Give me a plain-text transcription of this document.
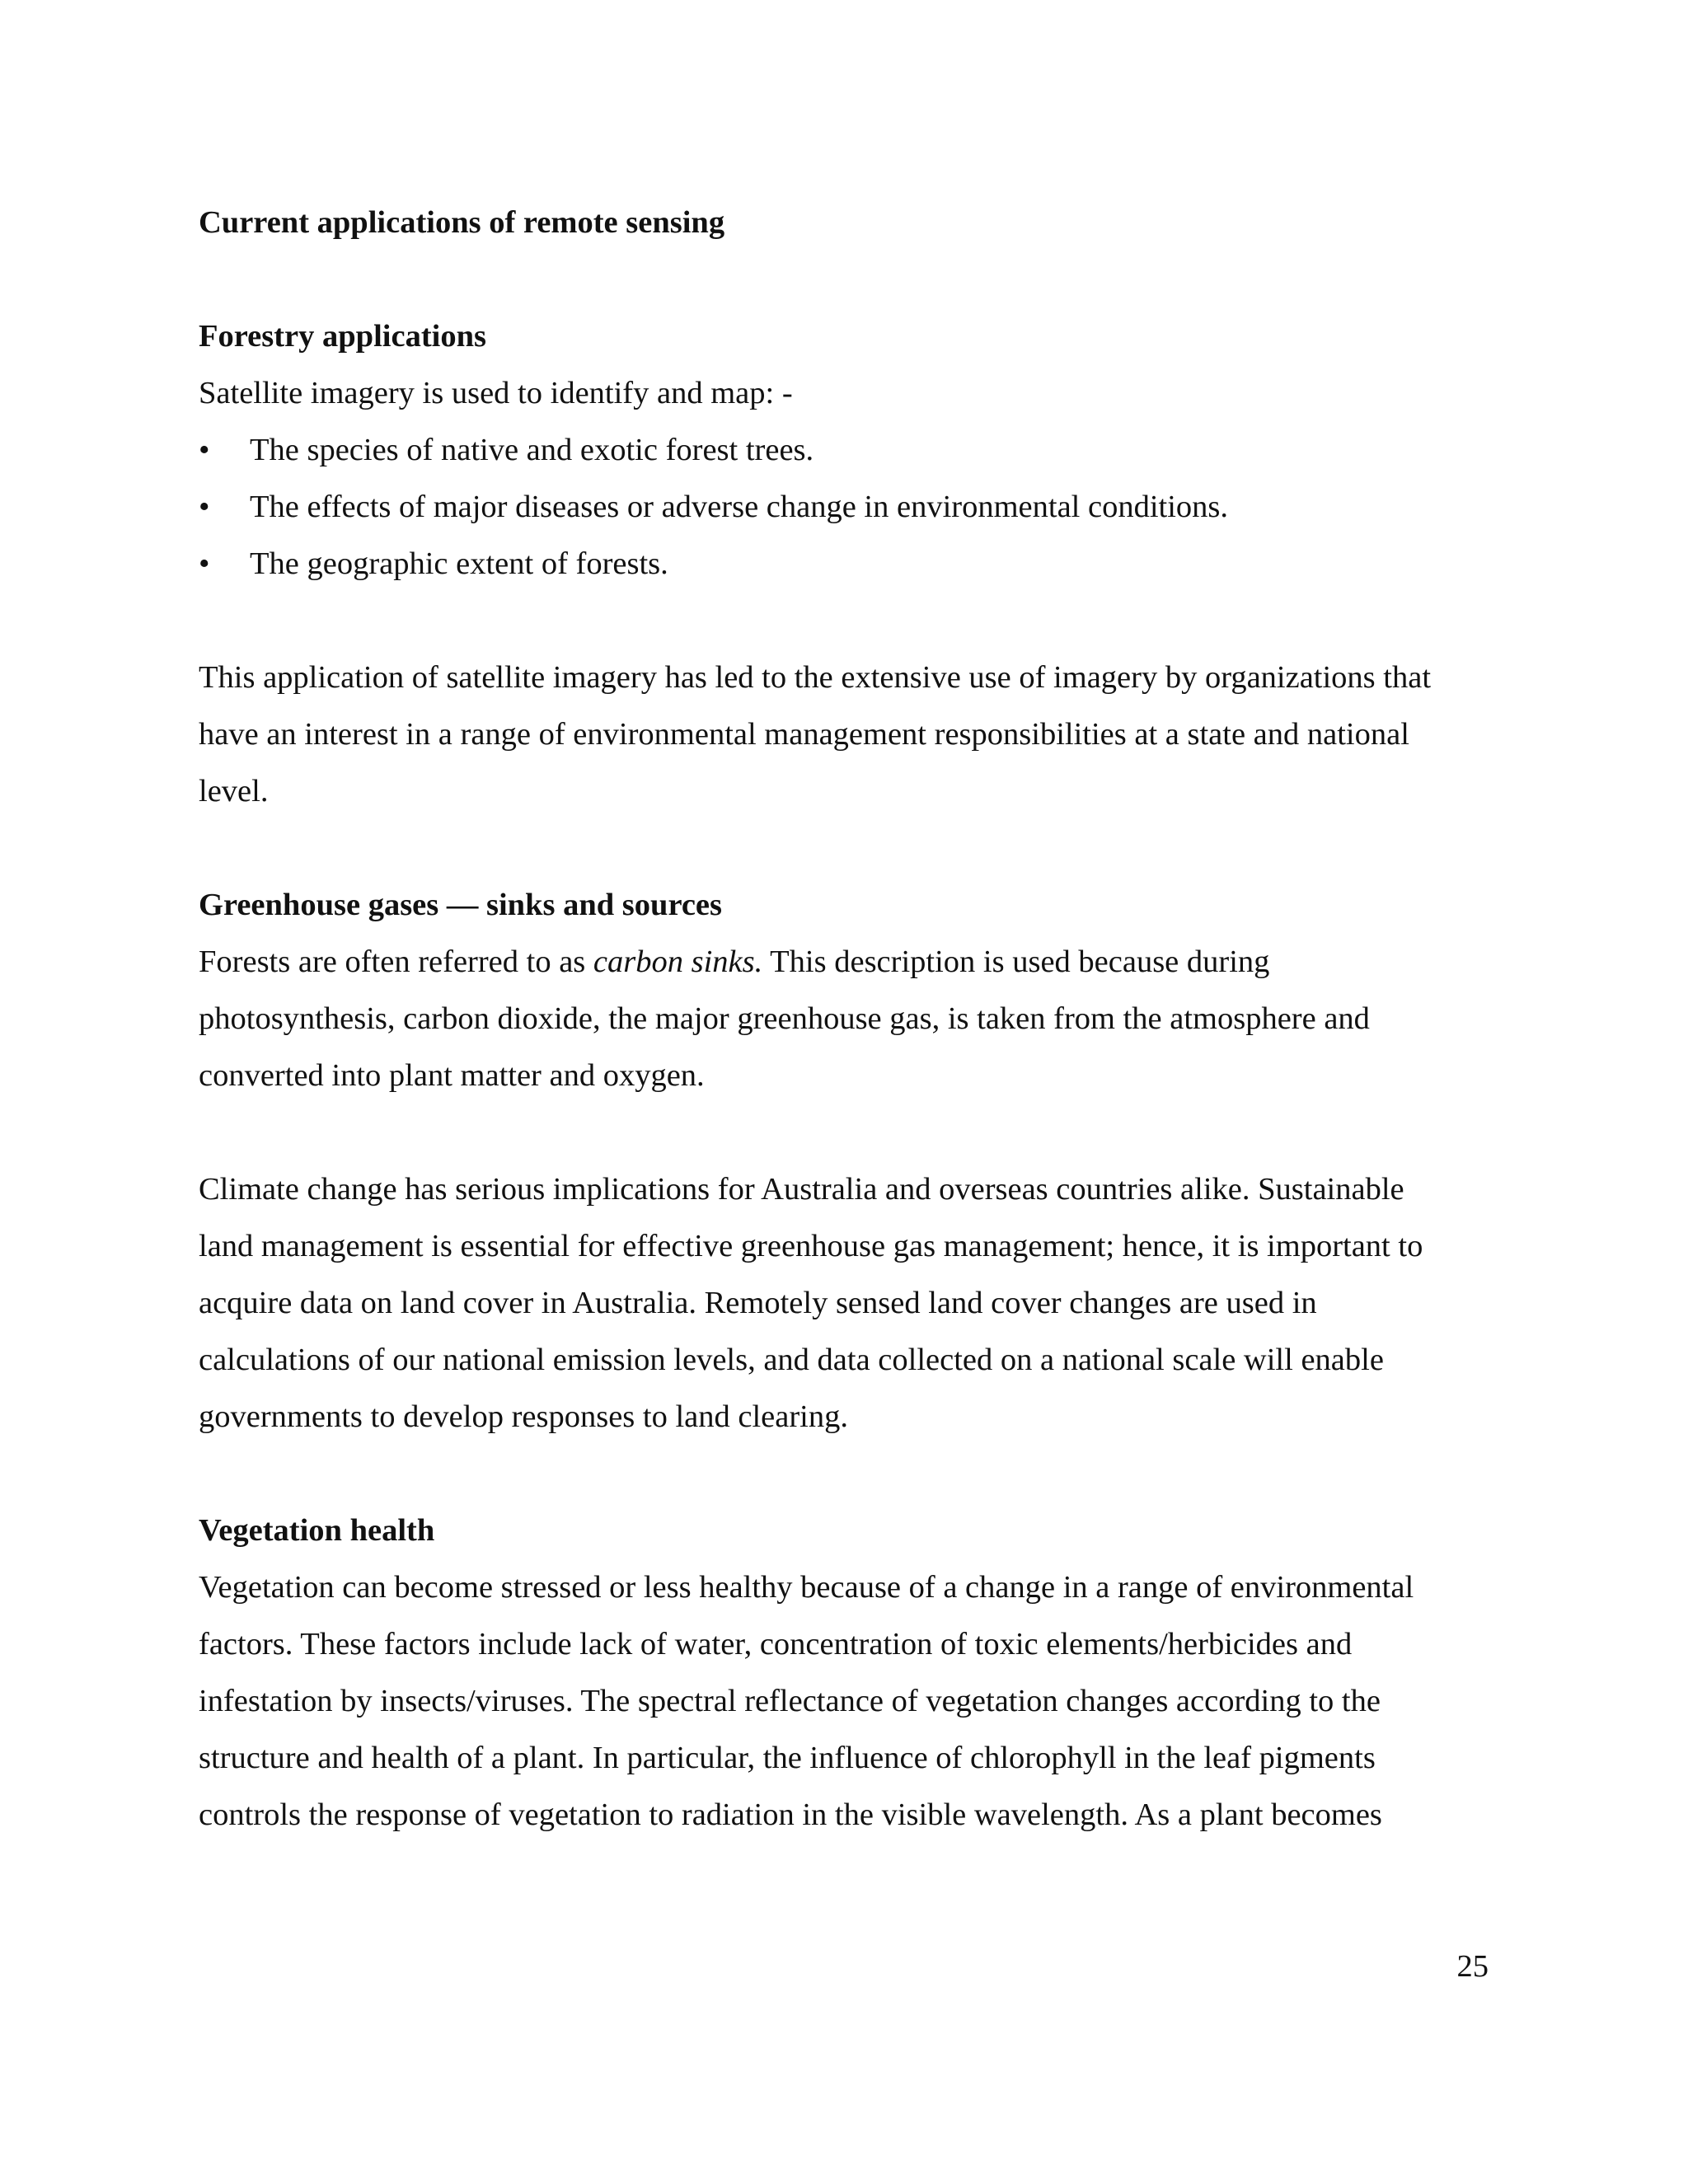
Current applications of remote sensing
Forestry applications
Satellite imagery is used to identify and map: -
•	The species of native and exotic forest trees.
•	The effects of major diseases or adverse change in environmental conditions.
•	The geographic extent of forests.
This application of satellite imagery has led to the extensive use of imagery by organizations that
have an interest in a range of environmental management responsibilities at a state and national
level.
Greenhouse gases — sinks and sources
Forests are often referred to as carbon sinks. This description is used because during
photosynthesis, carbon dioxide, the major greenhouse gas, is taken from the atmosphere and
converted into plant matter and oxygen.
Climate change has serious implications for Australia and overseas countries alike. Sustainable
land management is essential for effective greenhouse gas management; hence, it is important to
acquire data on land cover in Australia. Remotely sensed land cover changes are used in
calculations of our national emission levels, and data collected on a national scale will enable
governments to develop responses to land clearing.
Vegetation health
Vegetation can become stressed or less healthy because of a change in a range of environmental
factors. These factors include lack of water, concentration of toxic elements/herbicides and
infestation by insects/viruses. The spectral reflectance of vegetation changes according to the
structure and health of a plant. In particular, the influence of chlorophyll in the leaf pigments
controls the response of vegetation to radiation in the visible wavelength. As a plant becomes
25
